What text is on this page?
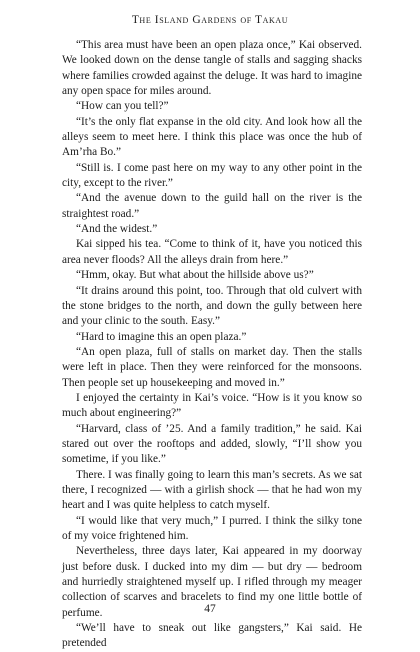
The Island Gardens of Takau

“This area must have been an open plaza once,” Kai observed. We looked down on the dense tangle of stalls and sagging shacks where families crowded against the deluge. It was hard to imagine any open space for miles around.

“How can you tell?”

“It’s the only flat expanse in the old city. And look how all the alleys seem to meet here. I think this place was once the hub of Am’rha Bo.”

“Still is. I come past here on my way to any other point in the city, except to the river.”

“And the avenue down to the guild hall on the river is the straightest road.”

“And the widest.”

Kai sipped his tea. “Come to think of it, have you noticed this area never floods? All the alleys drain from here.”

“Hmm, okay. But what about the hillside above us?”

“It drains around this point, too. Through that old culvert with the stone bridges to the north, and down the gully between here and your clinic to the south. Easy.”

“Hard to imagine this an open plaza.”

“An open plaza, full of stalls on market day. Then the stalls were left in place. Then they were reinforced for the monsoons. Then people set up housekeeping and moved in.”

I enjoyed the certainty in Kai’s voice. “How is it you know so much about engineering?”

“Harvard, class of ’25. And a family tradition,” he said. Kai stared out over the rooftops and added, slowly, “I’ll show you sometime, if you like.”

There. I was finally going to learn this man’s secrets. As we sat there, I recognized — with a girlish shock — that he had won my heart and I was quite helpless to catch myself.

“I would like that very much,” I purred. I think the silky tone of my voice frightened him.

Nevertheless, three days later, Kai appeared in my doorway just before dusk. I ducked into my dim — but dry — bedroom and hurriedly straightened myself up. I rifled through my meager collection of scarves and bracelets to find my one little bottle of perfume.

“We’ll have to sneak out like gangsters,” Kai said. He pretended

47
